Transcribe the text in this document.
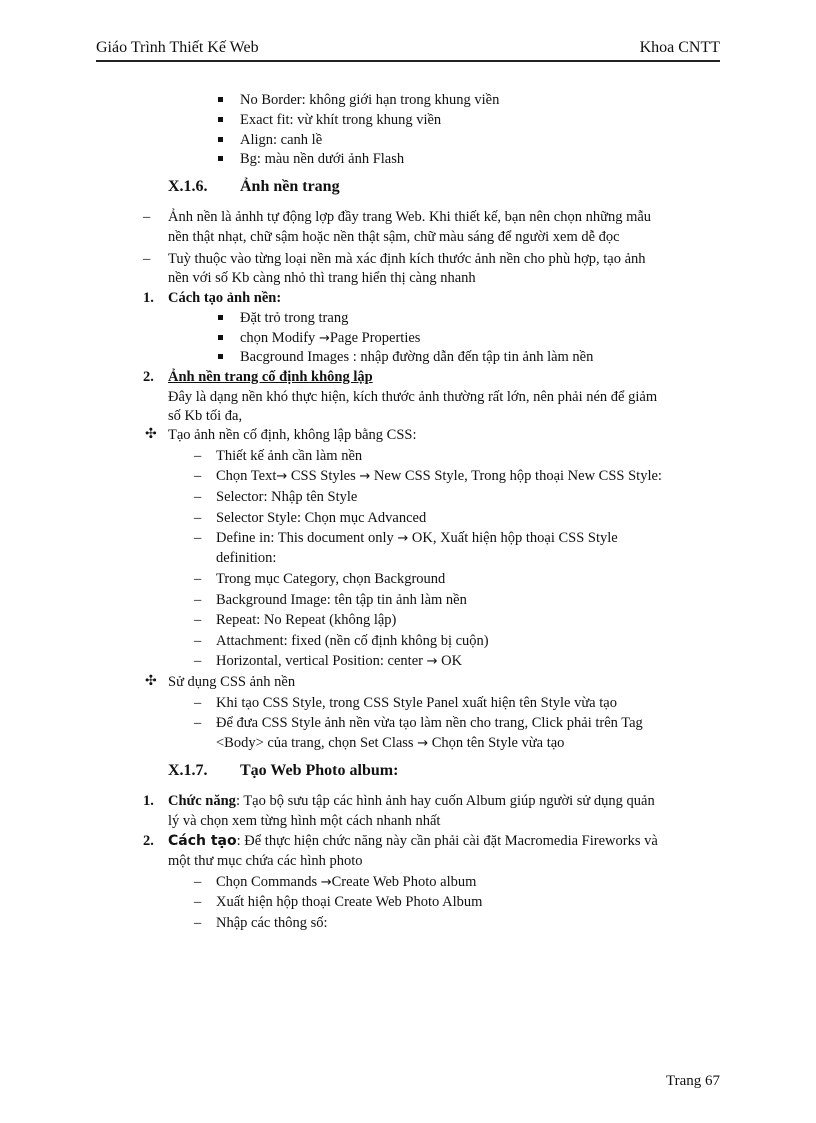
Giáo Trình Thiết Kế Web	Khoa CNTT
No Border: không giới hạn trong khung viền
Exact fit: vừ khít trong khung viền
Align: canh lề
Bg: màu nền dưới ảnh Flash
X.1.6. Ảnh nền trang
– Ảnh nền là ảnhh tự động lợp đầy trang Web. Khi thiết kế, bạn nên chọn những mẫu
nền thật nhạt, chữ sậm hoặc nền thật sậm, chữ màu sáng để người xem dễ đọc
– Tuỳ thuộc vào từng loại nền mà xác định kích thước ảnh nền cho phù hợp, tạo ảnh
nền với số Kb càng nhỏ thì trang hiển thị càng nhanh
1. Cách tạo ảnh nền:
Đặt trỏ trong trang
chọn Modify →Page Properties
Bacground Images : nhập đường dẫn đến tập tin ảnh làm nền
2. Ảnh nền trang cố định không lập
Đây là dạng nền khó thực hiện, kích thước ảnh thường rất lớn, nên phải nén để giảm
số Kb tối đa,
✣ Tạo ảnh nền cố định, không lập bằng CSS:
– Thiết kế ảnh cần làm nền
– Chọn Text→ CSS Styles → New CSS Style, Trong hộp thoại New CSS Style:
– Selector: Nhập tên Style
– Selector Style: Chọn mục Advanced
– Define in: This document only → OK, Xuất hiện hộp thoại CSS Style
definition:
– Trong mục Category, chọn Background
– Background Image: tên tập tin ảnh làm nền
– Repeat: No Repeat (không lập)
– Attachment: fixed (nền cố định không bị cuộn)
– Horizontal, vertical Position: center → OK
✣ Sử dụng CSS ảnh nền
– Khi tạo CSS Style, trong CSS Style Panel xuất hiện tên Style vừa tạo
– Để đưa CSS Style ảnh nền vừa tạo làm nền cho trang, Click phải trên Tag
<Body> của trang, chọn Set Class → Chọn tên Style vừa tạo
X.1.7. Tạo Web Photo album:
1. Chức năng: Tạo bộ sưu tập các hình ảnh hay cuốn Album giúp người sử dụng quản
lý và chọn xem từng hình một cách nhanh nhất
2. Cách tạo: Để thực hiện chức năng này cần phải cài đặt Macromedia Fireworks và
một thư mục chứa các hình photo
– Chọn Commands →Create Web Photo album
– Xuất hiện hộp thoại Create Web Photo Album
– Nhập các thông số:
Trang 67
